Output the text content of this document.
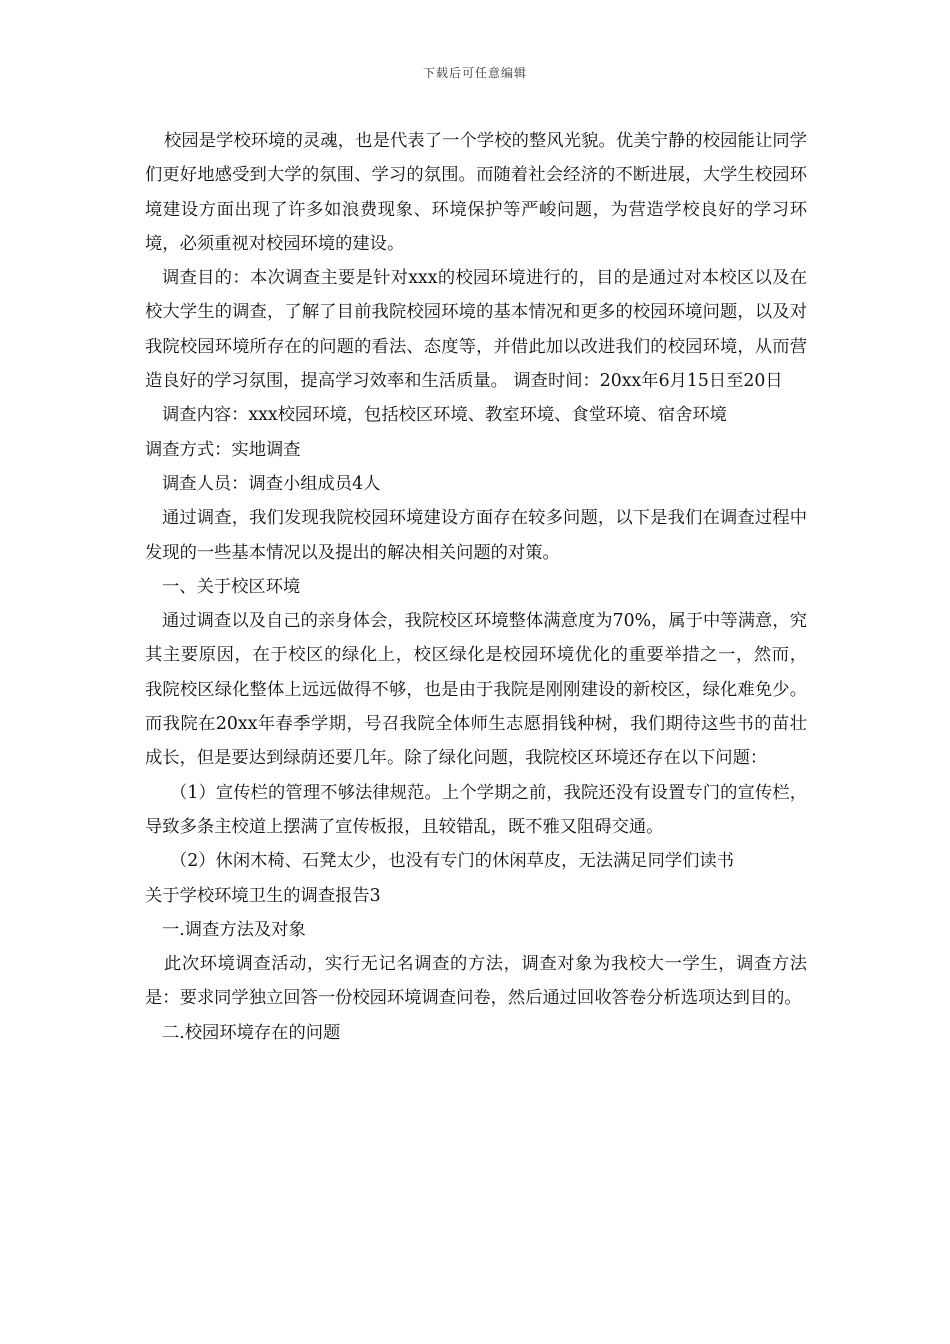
下载后可任意编辑

校园是学校环境的灵魂，也是代表了一个学校的整风光貌。优美宁静的校园能让同学们更好地感受到大学的氛围、学习的氛围。而随着社会经济的不断进展，大学生校园环境建设方面出现了许多如浪费现象、环境保护等严峻问题，为营造学校良好的学习环境，必须重视对校园环境的建设。

调查目的：本次调查主要是针对xxx的校园环境进行的，目的是通过对本校区以及在校大学生的调查，了解了目前我院校园环境的基本情况和更多的校园环境问题，以及对我院校园环境所存在的问题的看法、态度等，并借此加以改进我们的校园环境，从而营造良好的学习氛围，提高学习效率和生活质量。 调查时间：20xx年6月15日至20日

调查内容：xxx校园环境，包括校区环境、教室环境、食堂环境、宿舍环境

调查方式：实地调查

调查人员：调查小组成员4人

通过调查，我们发现我院校园环境建设方面存在较多问题，以下是我们在调查过程中发现的一些基本情况以及提出的解决相关问题的对策。

一、关于校区环境

通过调查以及自己的亲身体会，我院校区环境整体满意度为70%，属于中等满意，究其主要原因，在于校区的绿化上，校区绿化是校园环境优化的重要举措之一，然而， 我院校区绿化整体上远远做得不够，也是由于我院是刚刚建设的新校区，绿化难免少。而我院在20xx年春季学期，号召我院全体师生志愿捐钱种树，我们期待这些书的苗壮成长，但是要达到绿荫还要几年。除了绿化问题，我院校区环境还存在以下问题：

（1）宣传栏的管理不够法律规范。上个学期之前，我院还没有设置专门的宣传栏，导致多条主校道上摆满了宣传板报，且较错乱，既不雅又阻碍交通。

（2）休闲木椅、石凳太少，也没有专门的休闲草皮，无法满足同学们读书

关于学校环境卫生的调查报告3

一.调查方法及对象

此次环境调查活动，实行无记名调查的方法，调查对象为我校大一学生，调查方法是：要求同学独立回答一份校园环境调查问卷，然后通过回收答卷分析选项达到目的。

二.校园环境存在的问题
